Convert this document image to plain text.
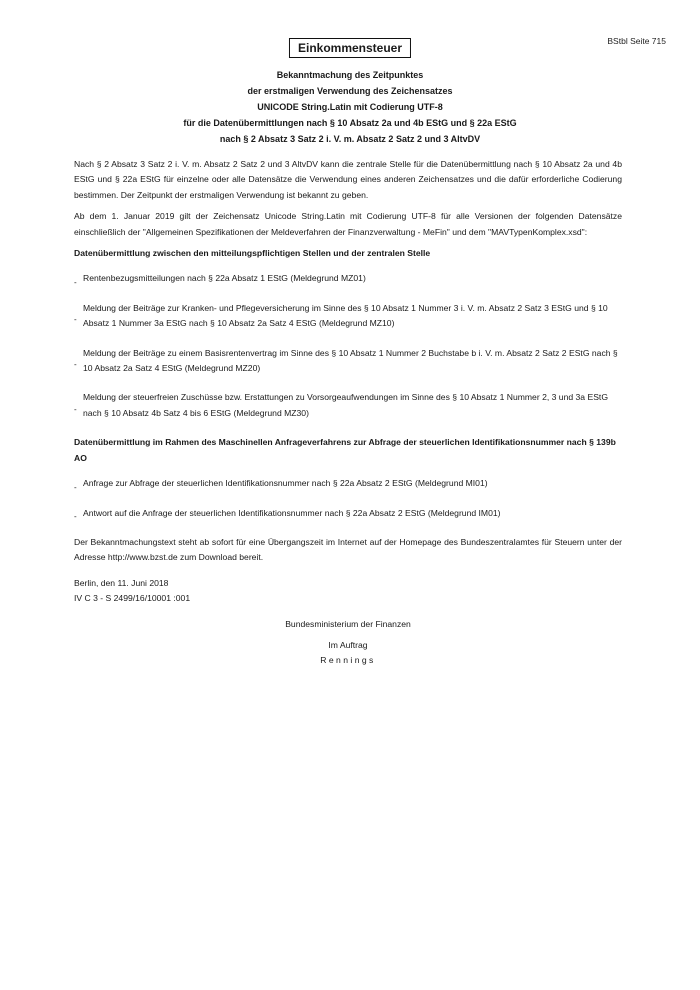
BStbl Seite 715
Einkommensteuer
Bekanntmachung des Zeitpunktes
der erstmaligen Verwendung des Zeichensatzes
UNICODE String.Latin mit Codierung UTF-8
für die Datenübermittlungen nach § 10 Absatz 2a und 4b EStG und § 22a EStG
nach § 2 Absatz 3 Satz 2 i. V. m. Absatz 2 Satz 2 und 3 AltvDV

Nach § 2 Absatz 3 Satz 2 i. V. m. Absatz 2 Satz 2 und 3 AltvDV kann die zentrale Stelle für die Datenübermittlung nach § 10 Absatz 2a und 4b EStG und § 22a EStG für einzelne oder alle Datensätze die Verwendung eines anderen Zeichensatzes und die dafür erforderliche Codierung bestimmen. Der Zeitpunkt der erstmaligen Verwendung ist bekannt zu geben.

Ab dem 1. Januar 2019 gilt der Zeichensatz Unicode String.Latin mit Codierung UTF-8 für alle Versionen der folgenden Datensätze einschließlich der "Allgemeinen Spezifikationen der Meldeverfahren der Finanzverwaltung - MeFin" und dem "MAVTypenKomplex.xsd":

Datenübermittlung zwischen den mitteilungspflichtigen Stellen und der zentralen Stelle
- Rentenbezugsmitteilungen nach § 22a Absatz 1 EStG (Meldegrund MZ01)
-
Meldung der Beiträge zur Kranken- und Pflegeversicherung im Sinne des § 10 Absatz 1 Nummer 3 i. V. m. Absatz 2 Satz 3 EStG und § 10 Absatz 1 Nummer 3a EStG nach § 10 Absatz 2a Satz 4 EStG (Meldegrund MZ10)
-
Meldung der Beiträge zu einem Basisrentenvertrag im Sinne des § 10 Absatz 1 Nummer 2 Buchstabe b i. V. m. Absatz 2 Satz 2 EStG nach § 10 Absatz 2a Satz 4 EStG (Meldegrund MZ20)
-
Meldung der steuerfreien Zuschüsse bzw. Erstattungen zu Vorsorgeaufwendungen im Sinne des § 10 Absatz 1 Nummer 2, 3 und 3a EStG nach § 10 Absatz 4b Satz 4 bis 6 EStG (Meldegrund MZ30)
Datenübermittlung im Rahmen des Maschinellen Anfrageverfahrens zur Abfrage der steuerlichen Identifikationsnummer nach § 139b AO
- Anfrage zur Abfrage der steuerlichen Identifikationsnummer nach § 22a Absatz 2 EStG (Meldegrund MI01)
- Antwort auf die Anfrage der steuerlichen Identifikationsnummer nach § 22a Absatz 2 EStG (Meldegrund IM01)

Der Bekanntmachungstext steht ab sofort für eine Übergangszeit im Internet auf der Homepage des Bundeszentralamtes für Steuern unter der Adresse http://www.bzst.de zum Download bereit.

Berlin, den 11. Juni 2018
IV C 3 - S 2499/16/10001 :001
Bundesministerium der Finanzen
Im Auftrag
Rennings
